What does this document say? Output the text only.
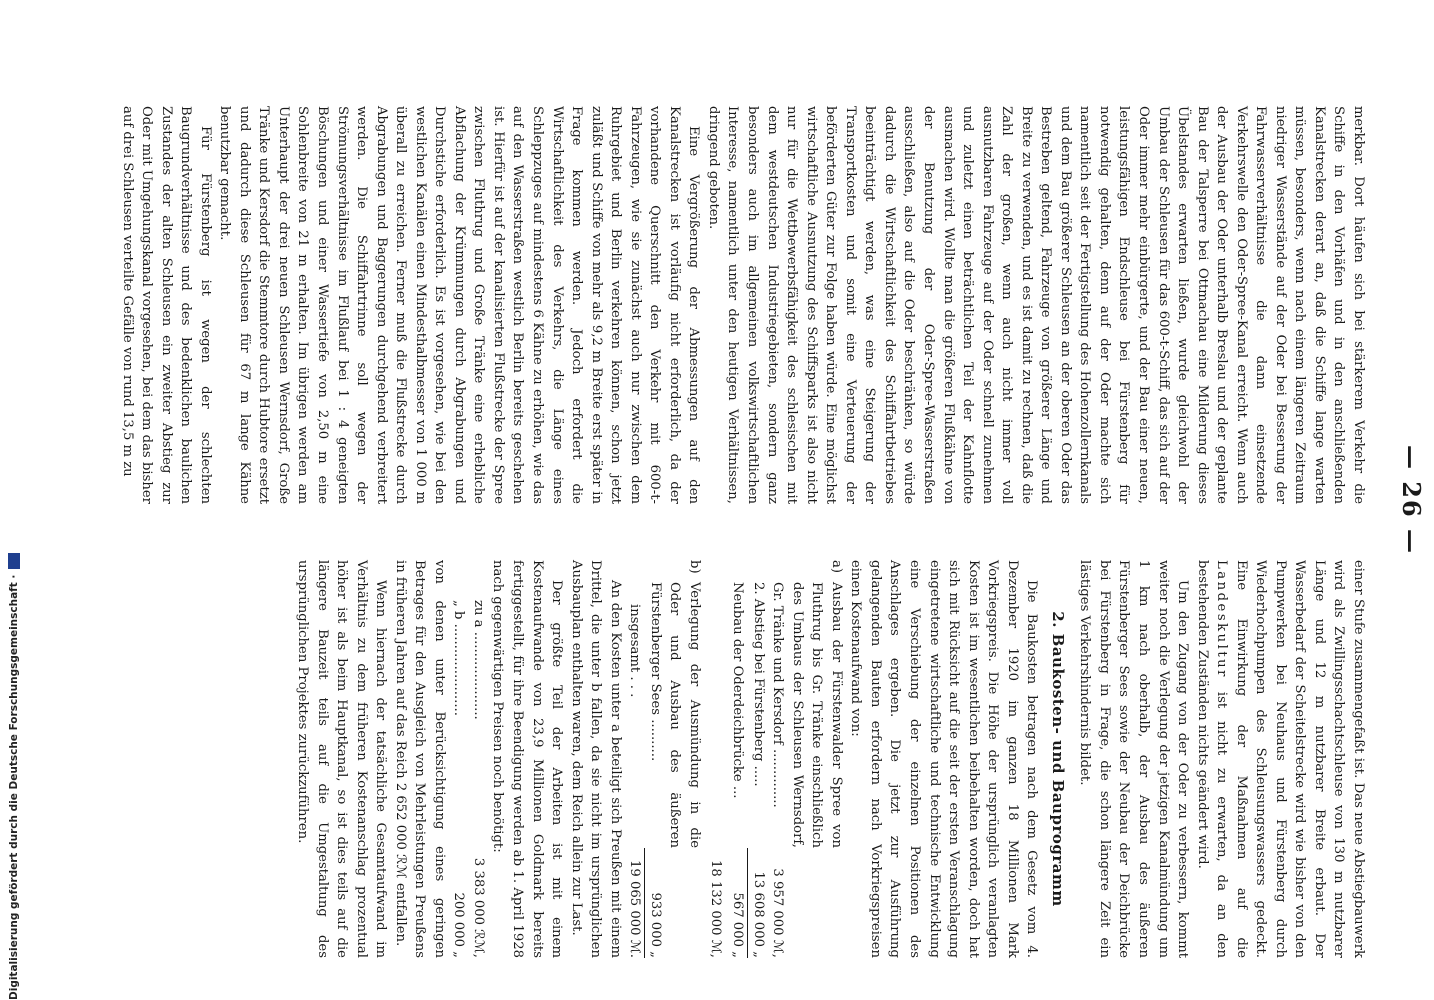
— 26 —

merkbar. Dort häufen sich bei stärkerem Verkehr die Schiffe in den Vorhäfen und in den anschließenden Kanalstrecken derart an, daß die Schiffe lange warten müssen, besonders, wenn nach einem längeren Zeitraum niedriger Wasserstände auf der Oder bei Besserung der Fahrwasserverhältnisse die dann einsetzende Verkehrswelle den Oder-Spree-Kanal erreicht. Wenn auch der Ausbau der Oder unterhalb Breslau und der geplante Bau der Talsperre bei Ottmachau eine Milderung dieses Übelstandes erwarten ließen, wurde gleichwohl der Umbau der Schleusen für das 600-t-Schiff, das sich auf der Oder immer mehr einbürgerte, und der Bau einer neuen, leistungsfähigen Endschleuse bei Fürstenberg für notwendig gehalten, denn auf der Oder machte sich namentlich seit der Fertigstellung des Hohenzollernkanals und dem Bau größerer Schleusen an der oberen Oder das Bestreben geltend, Fahrzeuge von größerer Länge und Breite zu verwenden, und es ist damit zu rechnen, daß die Zahl der großen, wenn auch nicht immer voll ausnutzbaren Fahrzeuge auf der Oder schnell zunehmen und zuletzt einen beträchtlichen Teil der Kahnflotte ausmachen wird. Wollte man die größeren Flußkähne von der Benutzung der Oder-Spree-Wasserstraßen ausschließen, also auf die Oder beschränken, so würde dadurch die Wirtschaftlichkeit des Schiffahrtbetriebes beeinträchtigt werden, was eine Steigerung der Transportkosten und somit eine Verteuerung der beförderten Güter zur Folge haben würde. Eine möglichst wirtschaftliche Ausnutzung des Schiffsparks ist also nicht nur für die Wettbewerbsfähigkeit des schlesischen mit dem westdeutschen Industriegebieten, sondern ganz besonders auch im allgemeinen volkswirtschaftlichen Interesse, namentlich unter den heutigen Verhältnissen, dringend geboten.

Eine Vergrößerung der Abmessungen auf den Kanalstrecken ist vorläufig nicht erforderlich, da der vorhandene Querschnitt den Verkehr mit 600-t-Fahrzeugen, wie sie zunächst auch nur zwischen dem Ruhrgebiet und Berlin verkehren können, schon jetzt zuläßt und Schiffe von mehr als 9,2 m Breite erst später in Frage kommen werden. Jedoch erfordert die Wirtschaftlichkeit des Verkehrs, die Länge eines Schleppzuges auf mindestens 6 Kähne zu erhöhen, wie das auf den Wasserstraßen westlich Berlin bereits geschehen ist. Hierfür ist auf der kanalisierten Flußstrecke der Spree zwischen Fluthrug und Große Tränke eine erhebliche Abflachung der Krümmungen durch Abgrabungen und Durchstiche erforderlich. Es ist vorgesehen, wie bei den westlichen Kanälen einen Mindesthalbmesser von 1 000 m überall zu erreichen. Ferner muß die Flußstrecke durch Abgrabungen und Baggerungen durchgehend verbreitert werden. Die Schiffahrtrinne soll wegen der Strömungsverhältnisse im Flußlauf bei 1 : 4 geneigten Böschungen und einer Wassertiefe von 2,50 m eine Sohlenbreite von 21 m erhalten. Im übrigen werden am Unterhaupt der drei neuen Schleusen Wernsdorf, Große Tränke und Kersdorf die Stemmtore durch Hubtore ersetzt und dadurch diese Schleusen für 67 m lange Kähne benutzbar gemacht.

Für Fürstenberg ist wegen der schlechten Baugrundverhältnisse und des bedenklichen baulichen Zustandes der alten Schleusen ein zweiter Abstieg zur Oder mit Umgehungskanal vorgesehen, bei dem das bisher auf drei Schleusen verteilte Gefälle von rund 13,5 m zu

einer Stufe zusammengefaßt ist. Das neue Abstiegbauwerk wird als Zwillingsschachtschleuse von 130 m nutzbarer Länge und 12 m nutzbarer Breite erbaut. Der Wasserbedarf der Scheitelstrecke wird wie bisher von den Pumpwerken bei Neuhaus und Fürstenberg durch Wiederhochpumpen des Schleusungswassers gedeckt. Eine Einwirkung der Maßnahmen auf die Landeskultur ist nicht zu erwarten, da an den bestehenden Zuständen nichts geändert wird.

Um den Zugang von der Oder zu verbessern, kommt weiter noch die Verlegung der jetzigen Kanalmündung um 1 km nach oberhalb, der Ausbau des äußeren Fürstenberger Sees sowie der Neubau der Deichbrücke bei Fürstenberg in Frage, die schon längere Zeit ein lästiges Verkehrshindernis bildet.

2. Baukosten- und Bauprogramm

Die Baukosten betragen nach dem Gesetz vom 4. Dezember 1920 im ganzen 18 Millionen Mark Vorkriegspreis. Die Höhe der ursprünglich veranlagten Kosten ist im wesentlichen beibehalten worden, doch hat sich mit Rücksicht auf die seit der ersten Veranschlagung eingetretene wirtschaftliche und technische Entwicklung eine Verschiebung der einzelnen Positionen des Anschlages ergeben. Die jetzt zur Ausführung gelangenden Bauten erfordern nach Vorkriegspreisen einen Kostenaufwand von:

a)
Ausbau der Fürstenwalder Spree von Fluthrug bis Gr. Tränke einschließlich des Umbaus der Schleusen Wernsdorf, Gr. Tränke und Kersdorf ..............
3 957 000 ℳ,
2. Abstieg bei Fürstenberg .....
13 608 000 „
Neubau der Oderdeichbrücke ...
567 000 „
18 132 000 ℳ,
b)
Verlegung der Ausmündung in die Oder und Ausbau des äußeren Fürstenberger Sees ..........
933 000 „
insgesamt . . .
19 065 000 ℳ.

An den Kosten unter a beteiligt sich Preußen mit einem Drittel, die unter b fallen, da sie nicht im ursprünglichen Ausbauplan enthalten waren, dem Reich allein zur Last.

Der größte Teil der Arbeiten ist mit einem Kostenaufwande von 23,9 Millionen Goldmark bereits fertiggestellt, für ihre Beendigung werden ab 1. April 1928 nach gegenwärtigen Preisen noch benötigt:

zu a .....................
3 383 000 ℛℳ,
„ b ......................
200 000 „

von denen unter Berücksichtigung eines geringen Betrages für den Ausgleich von Mehrleistungen Preußens in früheren Jahren auf das Reich 2 652 000 ℛℳ entfallen.

Wenn hiernach der tatsächliche Gesamtaufwand im Verhältnis zu dem früheren Kostenanschlag prozentual höher ist als beim Hauptkanal, so ist dies teils auf die längere Bauzeit teils auf die Umgestaltung des ursprünglichen Projektes zurückzuführen.

Digitalisierung gefördert durch die Deutsche Forschungsgemeinschaft ·
